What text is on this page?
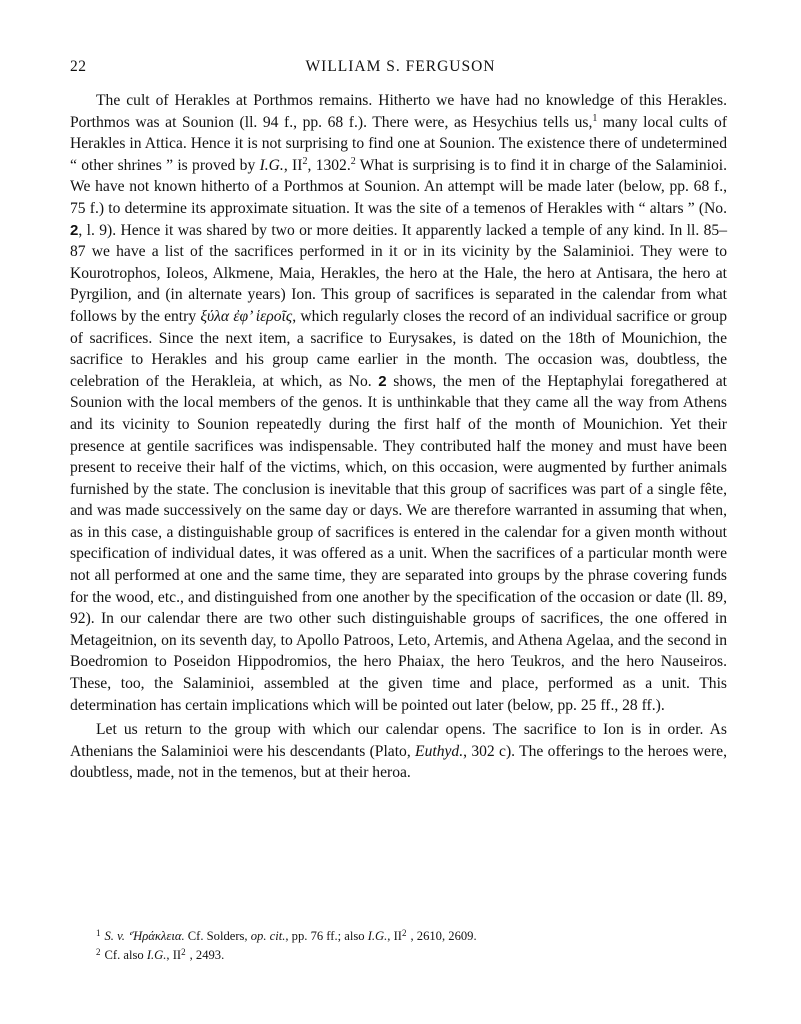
22	WILLIAM S. FERGUSON

The cult of Herakles at Porthmos remains. Hitherto we have had no knowledge of this Herakles. Porthmos was at Sounion (ll. 94 f., pp. 68 f.). There were, as Hesychius tells us,$^1$ many local cults of Herakles in Attica. Hence it is not surprising to find one at Sounion. The existence there of undetermined “ other shrines ” is proved by I.G., $II^2$, 1302.$^2$ What is surprising is to find it in charge of the Salaminioi. We have not known hitherto of a Porthmos at Sounion. An attempt will be made later (below, pp. 68 f., 75 f.) to determine its approximate situation. It was the site of a temenos of Herakles with “ altars ” (No. 2, l. 9). Hence it was shared by two or more deities. It apparently lacked a temple of any kind. In ll. 85–87 we have a list of the sacrifices performed in it or in its vicinity by the Salaminioi. They were to Kourotrophos, Ioleos, Alkmene, Maia, Herakles, the hero at the Hale, the hero at Antisara, the hero at Pyrgilion, and (in alternate years) Ion. This group of sacrifices is separated in the calendar from what follows by the entry ξύλα ἐφ’ ἱεροῖς, which regularly closes the record of an individual sacrifice or group of sacrifices. Since the next item, a sacrifice to Eurysakes, is dated on the 18th of Mounichion, the sacrifice to Herakles and his group came earlier in the month. The occasion was, doubtless, the celebration of the Herakleia, at which, as No. 2 shows, the men of the Heptaphylai foregathered at Sounion with the local members of the genos. It is unthinkable that they came all the way from Athens and its vicinity to Sounion repeatedly during the first half of the month of Mounichion. Yet their presence at gentile sacrifices was indispensable. They contributed half the money and must have been present to receive their half of the victims, which, on this occasion, were augmented by further animals furnished by the state. The conclusion is inevitable that this group of sacrifices was part of a single fête, and was made successively on the same day or days. We are therefore warranted in assuming that when, as in this case, a distinguishable group of sacrifices is entered in the calendar for a given month without specification of individual dates, it was offered as a unit. When the sacrifices of a particular month were not all performed at one and the same time, they are separated into groups by the phrase covering funds for the wood, etc., and distinguished from one another by the specification of the occasion or date (ll. 89, 92). In our calendar there are two other such distinguishable groups of sacrifices, the one offered in Metageitnion, on its seventh day, to Apollo Patroos, Leto, Artemis, and Athena Agelaa, and the second in Boedromion to Poseidon Hippodromios, the hero Phaiax, the hero Teukros, and the hero Nauseiros. These, too, the Salaminioi, assembled at the given time and place, performed as a unit. This determination has certain implications which will be pointed out later (below, pp. 25 ff., 28 ff.).

Let us return to the group with which our calendar opens. The sacrifice to Ion is in order. As Athenians the Salaminioi were his descendants (Plato, Euthyd., 302 c). The offerings to the heroes were, doubtless, made, not in the temenos, but at their heroa.

$^1$ S. v. ‘Ήράκλεια. Cf. Solders, op. cit., pp. 76 ff.; also I.G., $II^2$ , 2610, 2609.
$^2$ Cf. also I.G., $II^2$ , 2493.
